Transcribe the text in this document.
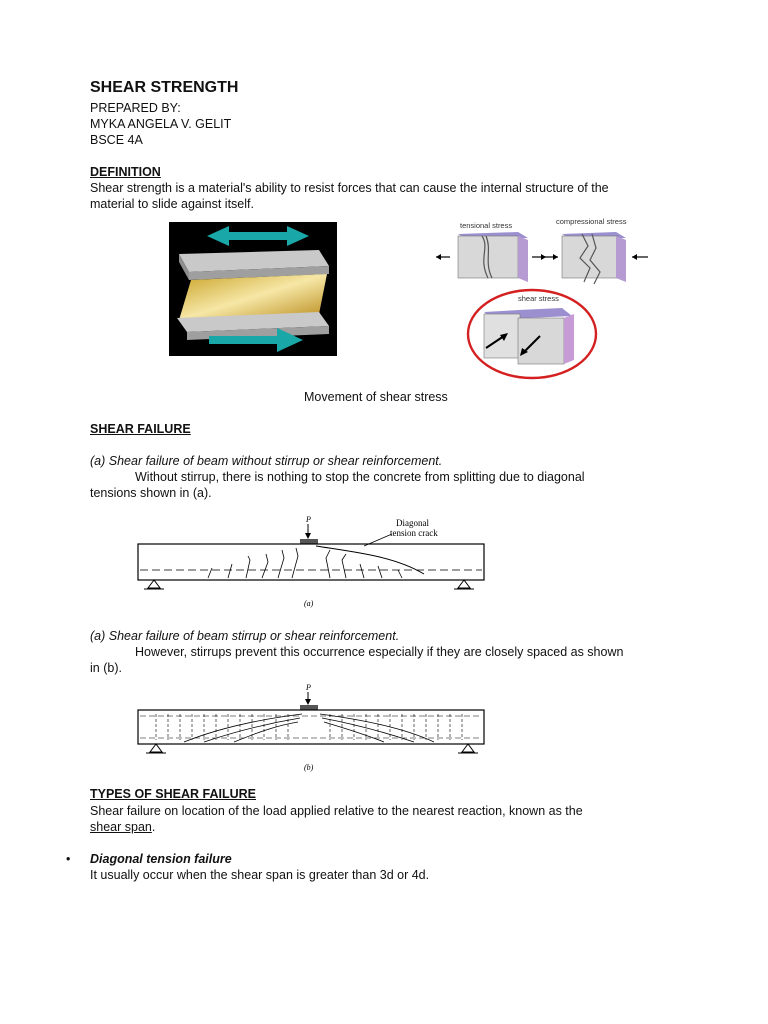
SHEAR STRENGTH
PREPARED BY:
MYKA ANGELA V. GELIT
BSCE 4A
DEFINITION
Shear strength is a material's ability to resist forces that can cause the internal structure of the
material to slide against itself.
tensional stress	compressional stress
shear stress
Movement of shear stress
SHEAR FAILURE
(a) Shear failure of beam without stirrup or shear reinforcement.
Without stirrup, there is nothing to stop the concrete from splitting due to diagonal
tensions shown in (a).
P	Diagonal
tension crack
(a)
(a) Shear failure of beam stirrup or shear reinforcement.
However, stirrups prevent this occurrence especially if they are closely spaced as shown
in (b).
P
(b)
TYPES OF SHEAR FAILURE
Shear failure on location of the load applied relative to the nearest reaction, known as the
shear span.
• Diagonal tension failure
It usually occur when the shear span is greater than 3d or 4d.
